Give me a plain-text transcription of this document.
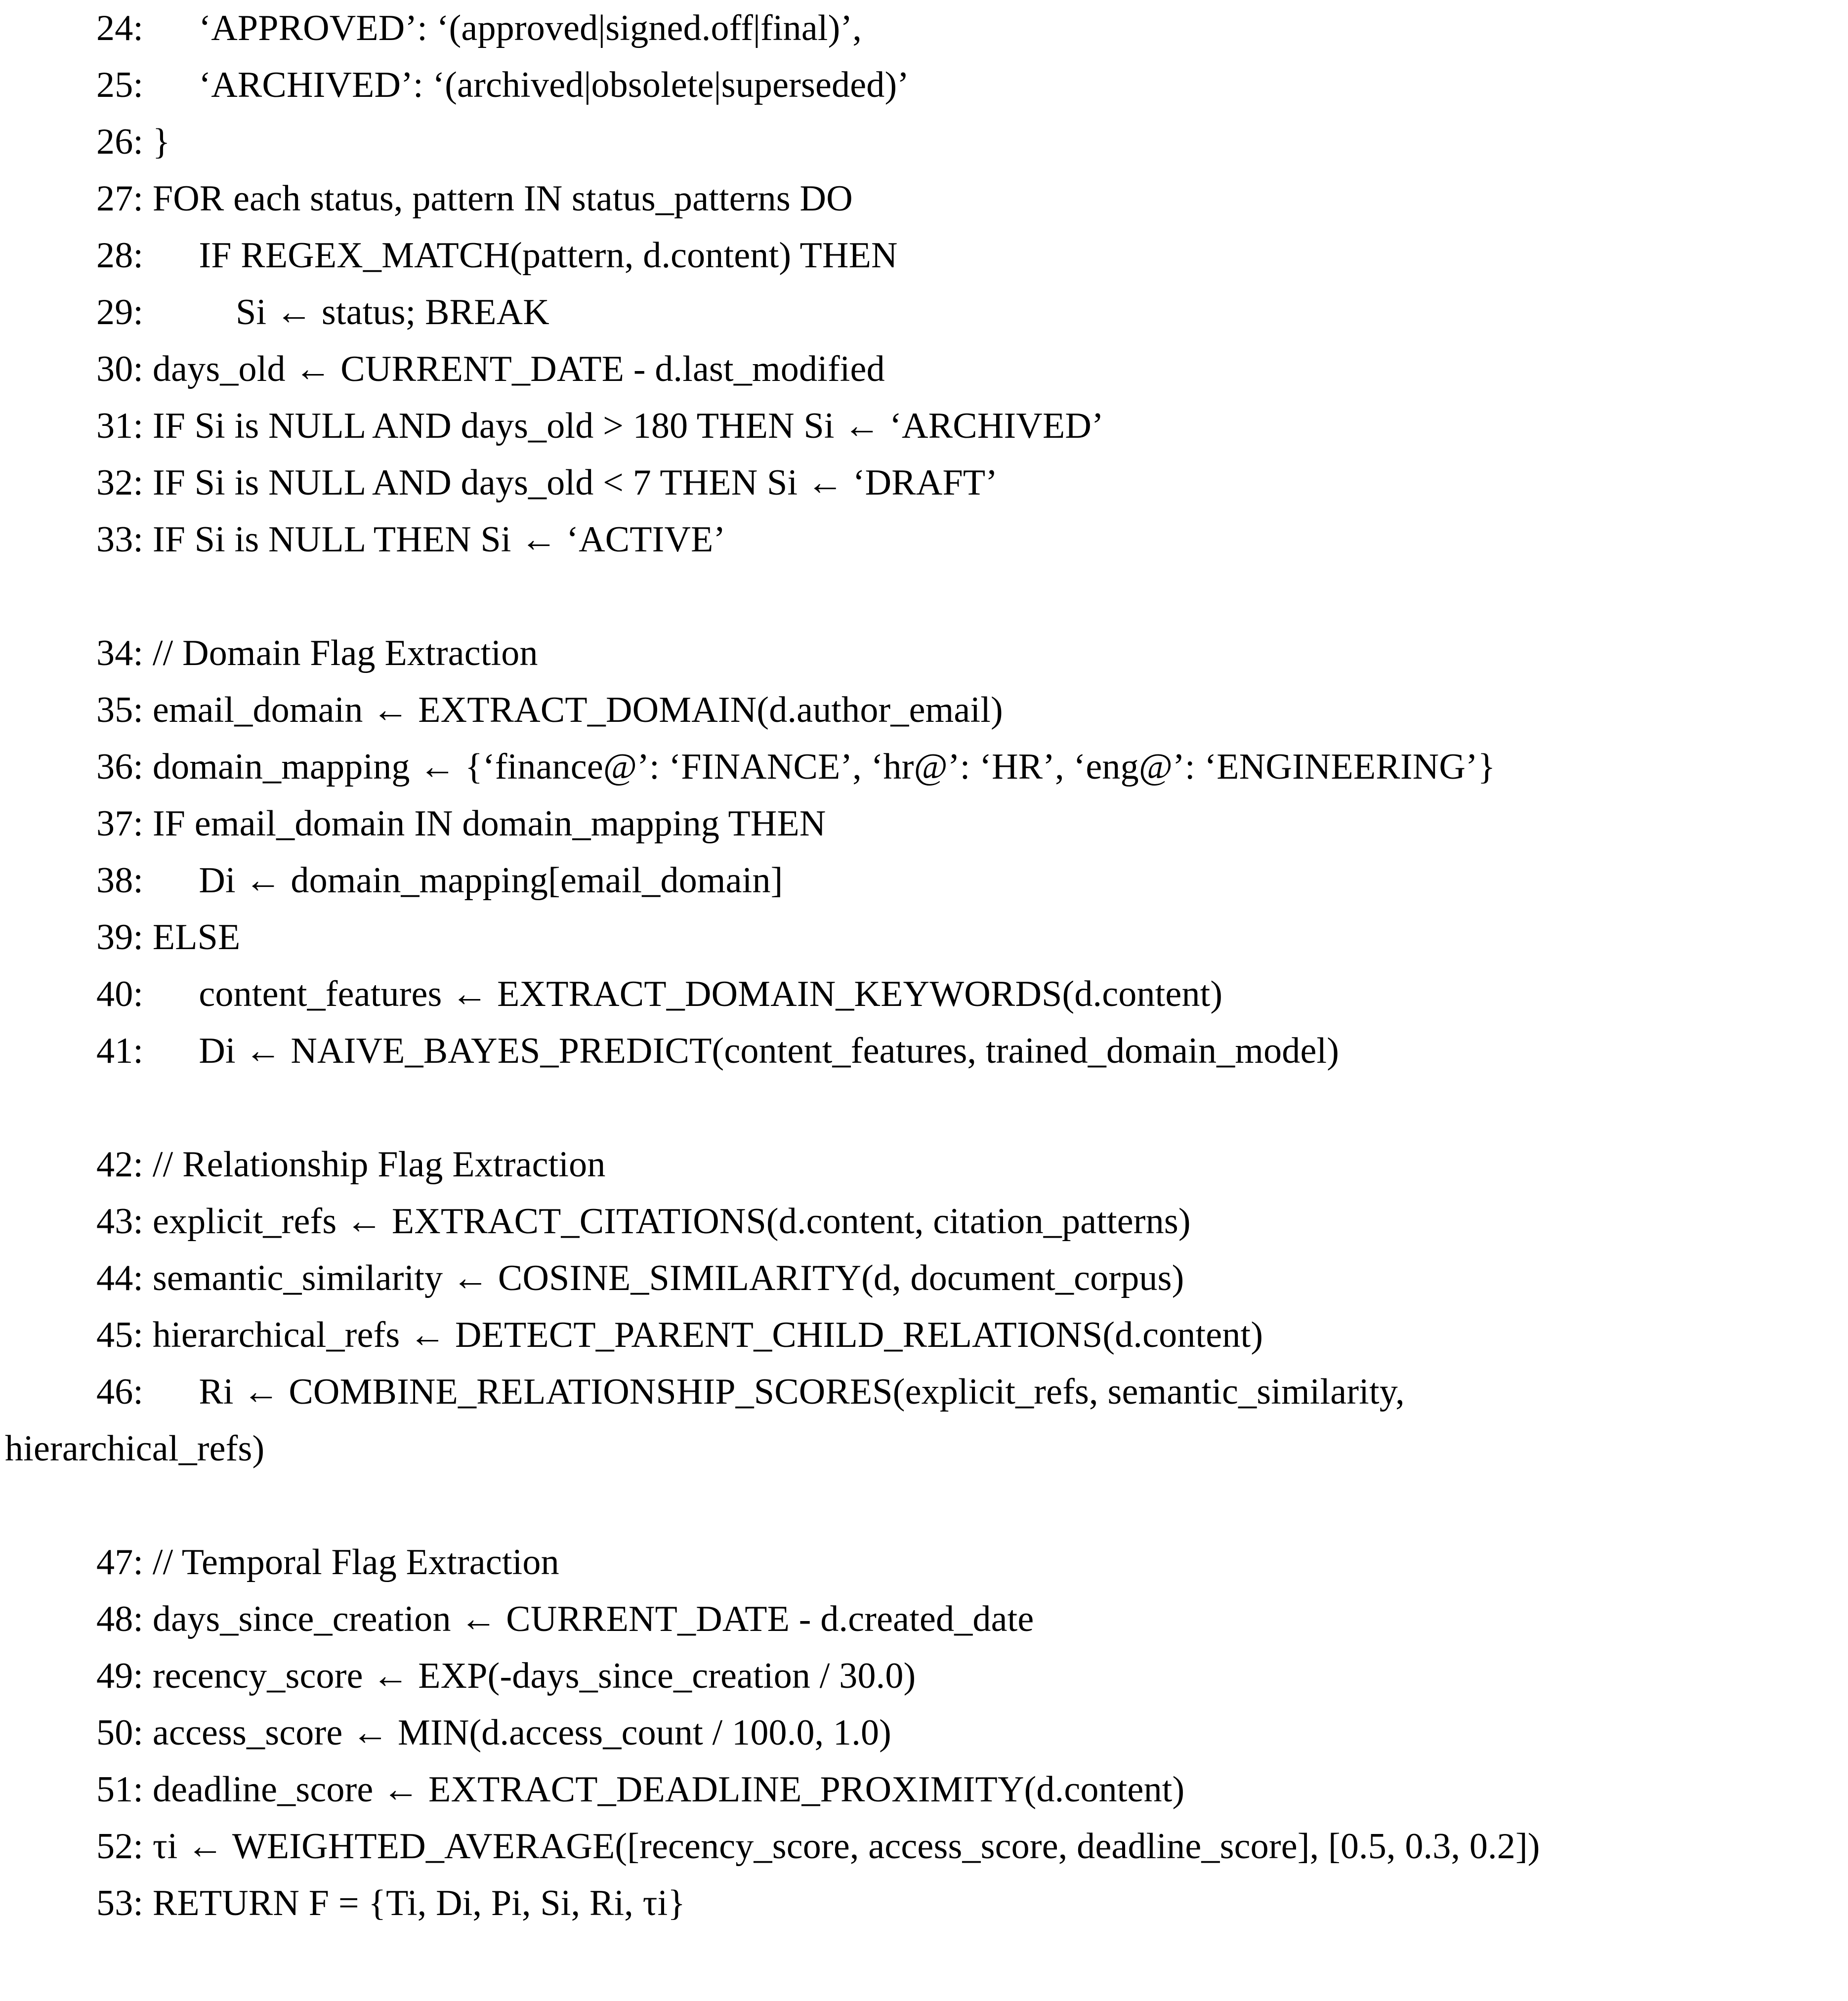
24:      ‘APPROVED’: ‘(approved|signed.off|final)’,
25:      ‘ARCHIVED’: ‘(archived|obsolete|superseded)’
26: }
27: FOR each status, pattern IN status_patterns DO
28:      IF REGEX_MATCH(pattern, d.content) THEN
29:          Si ← status; BREAK
30: days_old ← CURRENT_DATE - d.last_modified
31: IF Si is NULL AND days_old > 180 THEN Si ← ‘ARCHIVED’
32: IF Si is NULL AND days_old < 7 THEN Si ← ‘DRAFT’
33: IF Si is NULL THEN Si ← ‘ACTIVE’
34: // Domain Flag Extraction
35: email_domain ← EXTRACT_DOMAIN(d.author_email)
36: domain_mapping ← {‘finance@’: ‘FINANCE’, ‘hr@’: ‘HR’, ‘eng@’: ‘ENGINEERING’}
37: IF email_domain IN domain_mapping THEN
38:      Di ← domain_mapping[email_domain]
39: ELSE
40:      content_features ← EXTRACT_DOMAIN_KEYWORDS(d.content)
41:      Di ← NAIVE_BAYES_PREDICT(content_features, trained_domain_model)
42: // Relationship Flag Extraction
43: explicit_refs ← EXTRACT_CITATIONS(d.content, citation_patterns)
44: semantic_similarity ← COSINE_SIMILARITY(d, document_corpus)
45: hierarchical_refs ← DETECT_PARENT_CHILD_RELATIONS(d.content)
46:      Ri ← COMBINE_RELATIONSHIP_SCORES(explicit_refs, semantic_similarity,
hierarchical_refs)
47: // Temporal Flag Extraction
48: days_since_creation ← CURRENT_DATE - d.created_date
49: recency_score ← EXP(-days_since_creation / 30.0)
50: access_score ← MIN(d.access_count / 100.0, 1.0)
51: deadline_score ← EXTRACT_DEADLINE_PROXIMITY(d.content)
52: τi ← WEIGHTED_AVERAGE([recency_score, access_score, deadline_score], [0.5, 0.3, 0.2])
53: RETURN F = {Ti, Di, Pi, Si, Ri, τi}
